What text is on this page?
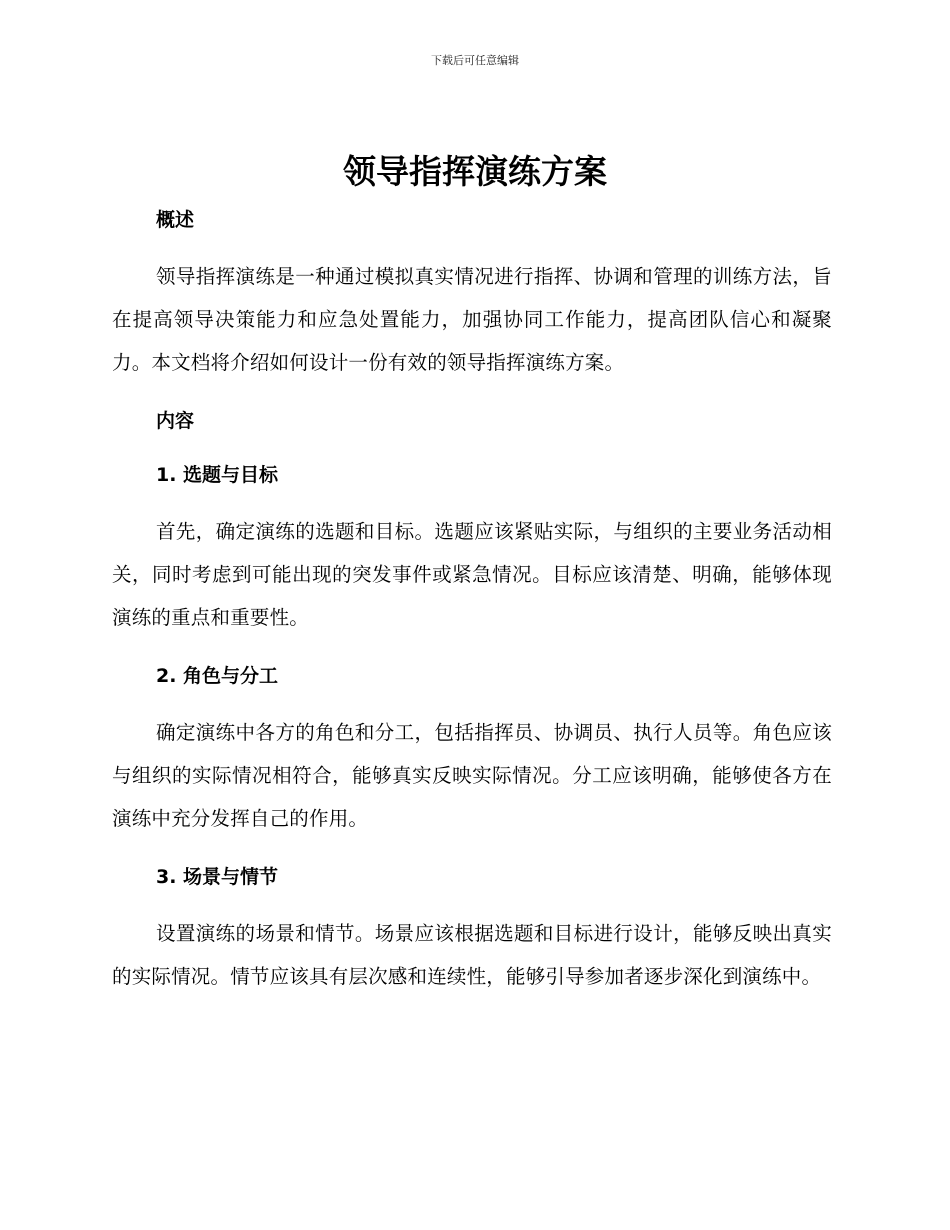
下载后可任意编辑
领导指挥演练方案
概述

领导指挥演练是一种通过模拟真实情况进行指挥、协调和管理的训练方法，旨在提高领导决策能力和应急处置能力，加强协同工作能力，提高团队信心和凝聚力。本文档将介绍如何设计一份有效的领导指挥演练方案。

内容
1. 选题与目标

首先，确定演练的选题和目标。选题应该紧贴实际，与组织的主要业务活动相关，同时考虑到可能出现的突发事件或紧急情况。目标应该清楚、明确，能够体现演练的重点和重要性。

2. 角色与分工

确定演练中各方的角色和分工，包括指挥员、协调员、执行人员等。角色应该与组织的实际情况相符合，能够真实反映实际情况。分工应该明确，能够使各方在演练中充分发挥自己的作用。

3. 场景与情节

设置演练的场景和情节。场景应该根据选题和目标进行设计，能够反映出真实的实际情况。情节应该具有层次感和连续性，能够引导参加者逐步深化到演练中。
